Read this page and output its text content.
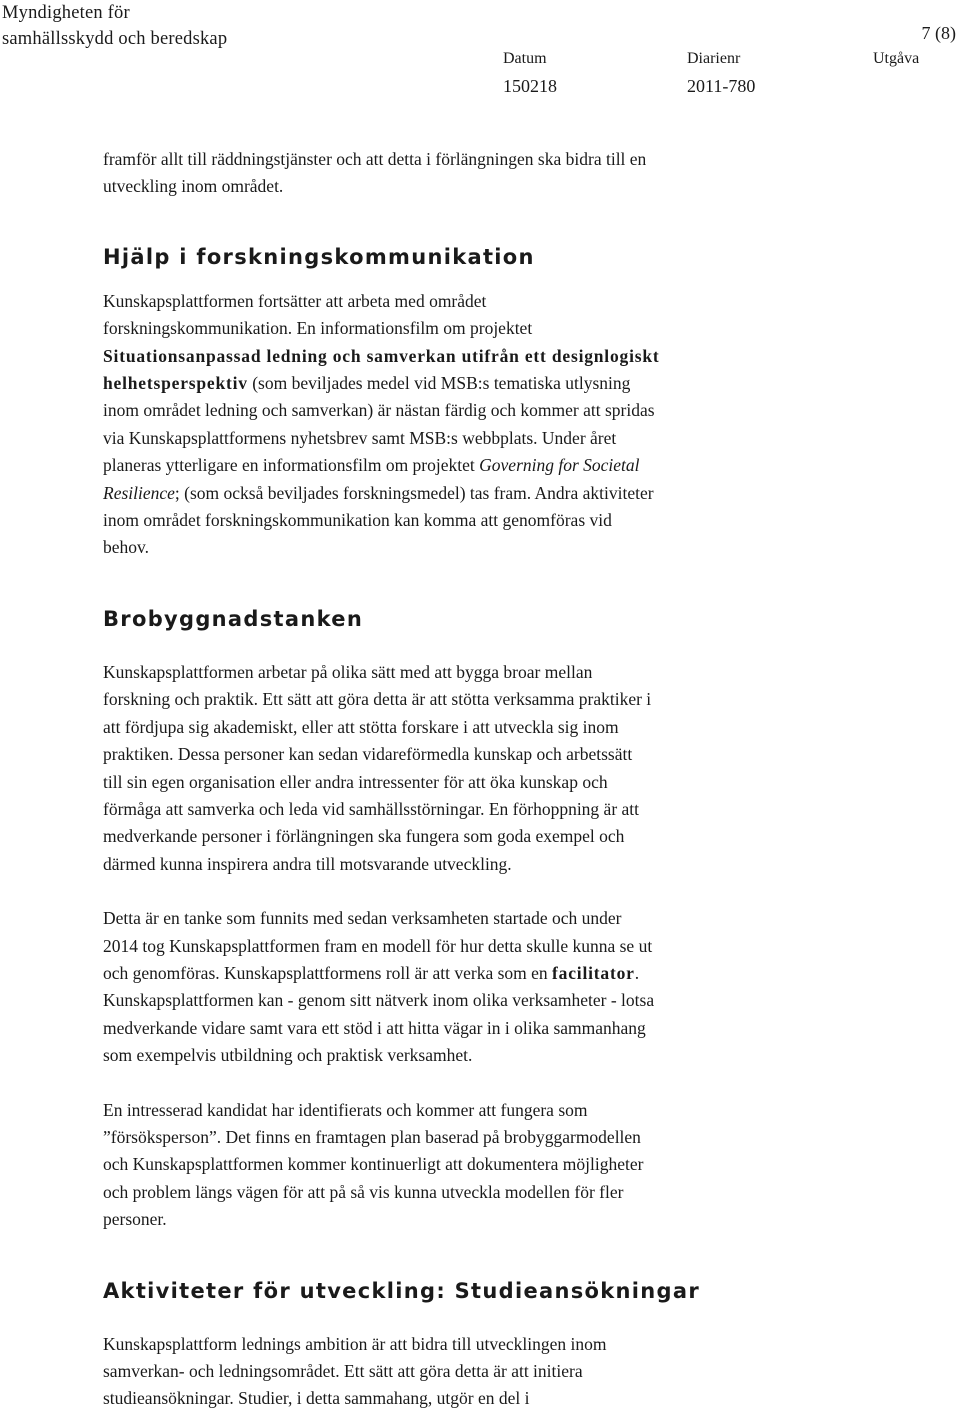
Myndigheten för
samhällsskydd och beredskap	7 (8)
Datum
150218
Diarienr
2011-780
Utgåva

framför allt till räddningstjänster och att detta i förlängningen ska bidra till en
utveckling inom området.

Hjälp i forskningskommunikation

Kunskapsplattformen fortsätter att arbeta med området
forskningskommunikation. En informationsfilm om projektet
Situationsanpassad ledning och samverkan utifrån ett designlogiskt
helhetsperspektiv (som beviljades medel vid MSB:s tematiska utlysning
inom området ledning och samverkan) är nästan färdig och kommer att spridas
via Kunskapsplattformens nyhetsbrev samt MSB:s webbplats. Under året
planeras ytterligare en informationsfilm om projektet Governing for Societal
Resilience; (som också beviljades forskningsmedel) tas fram. Andra aktiviteter
inom området forskningskommunikation kan komma att genomföras vid
behov.

Brobyggnadstanken

Kunskapsplattformen arbetar på olika sätt med att bygga broar mellan
forskning och praktik. Ett sätt att göra detta är att stötta verksamma praktiker i
att fördjupa sig akademiskt, eller att stötta forskare i att utveckla sig inom
praktiken. Dessa personer kan sedan vidareförmedla kunskap och arbetssätt
till sin egen organisation eller andra intressenter för att öka kunskap och
förmåga att samverka och leda vid samhällsstörningar. En förhoppning är att
medverkande personer i förlängningen ska fungera som goda exempel och
därmed kunna inspirera andra till motsvarande utveckling.

Detta är en tanke som funnits med sedan verksamheten startade och under
2014 tog Kunskapsplattformen fram en modell för hur detta skulle kunna se ut
och genomföras. Kunskapsplattformens roll är att verka som en facilitator.
Kunskapsplattformen kan - genom sitt nätverk inom olika verksamheter - lotsa
medverkande vidare samt vara ett stöd i att hitta vägar in i olika sammanhang
som exempelvis utbildning och praktisk verksamhet.

En intresserad kandidat har identifierats och kommer att fungera som
”försöksperson”. Det finns en framtagen plan baserad på brobyggarmodellen
och Kunskapsplattformen kommer kontinuerligt att dokumentera möjligheter
och problem längs vägen för att på så vis kunna utveckla modellen för fler
personer.

Aktiviteter för utveckling: Studieansökningar

Kunskapsplattform lednings ambition är att bidra till utvecklingen inom
samverkan- och ledningsområdet. Ett sätt att göra detta är att initiera
studieansökningar. Studier, i detta sammahang, utgör en del i
